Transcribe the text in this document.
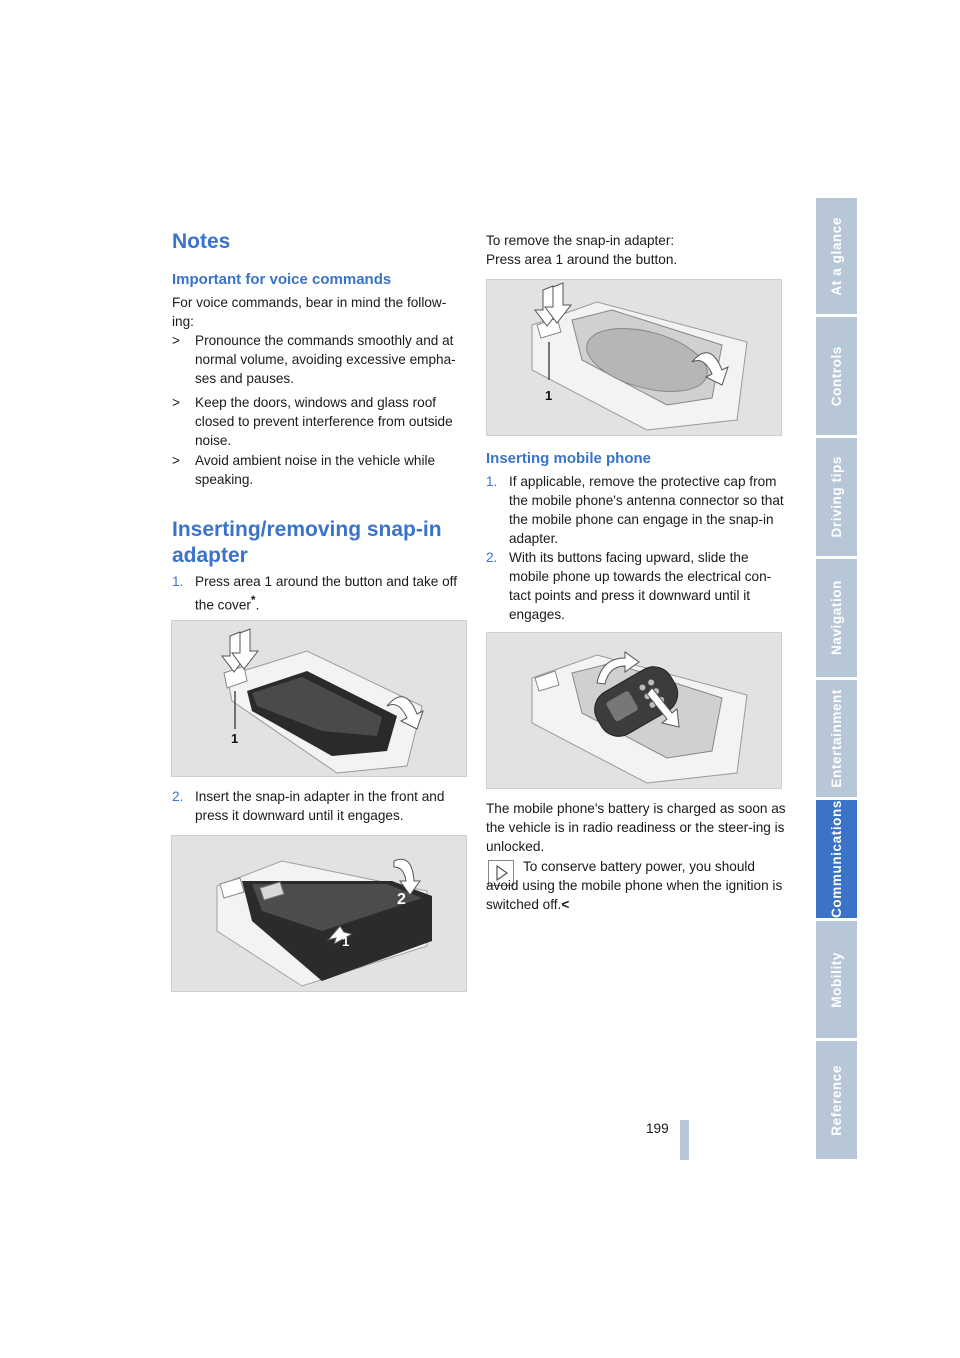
At a glance
Controls
Driving tips
Navigation
Entertainment
Communications
Mobility
Reference
Notes
Important for voice commands
For voice commands, bear in mind the follow-ing:
> Pronounce the commands smoothly and at normal volume, avoiding excessive empha-ses and pauses.
> Keep the doors, windows and glass roof closed to prevent interference from outside noise.
> Avoid ambient noise in the vehicle while speaking.
Inserting/removing snap-in adapter
1. Press area 1 around the button and take off the cover*.
1
2. Insert the snap-in adapter in the front and press it downward until it engages.
2
1
To remove the snap-in adapter:
Press area 1 around the button.
1
Inserting mobile phone
1. If applicable, remove the protective cap from the mobile phone's antenna connector so that the mobile phone can engage in the snap-in adapter.
2. With its buttons facing upward, slide the mobile phone up towards the electrical con-tact points and press it downward until it engages.
The mobile phone's battery is charged as soon as the vehicle is in radio readiness or the steer-ing is unlocked.
To conserve battery power, you should avoid using the mobile phone when the ignition is switched off.<
199
